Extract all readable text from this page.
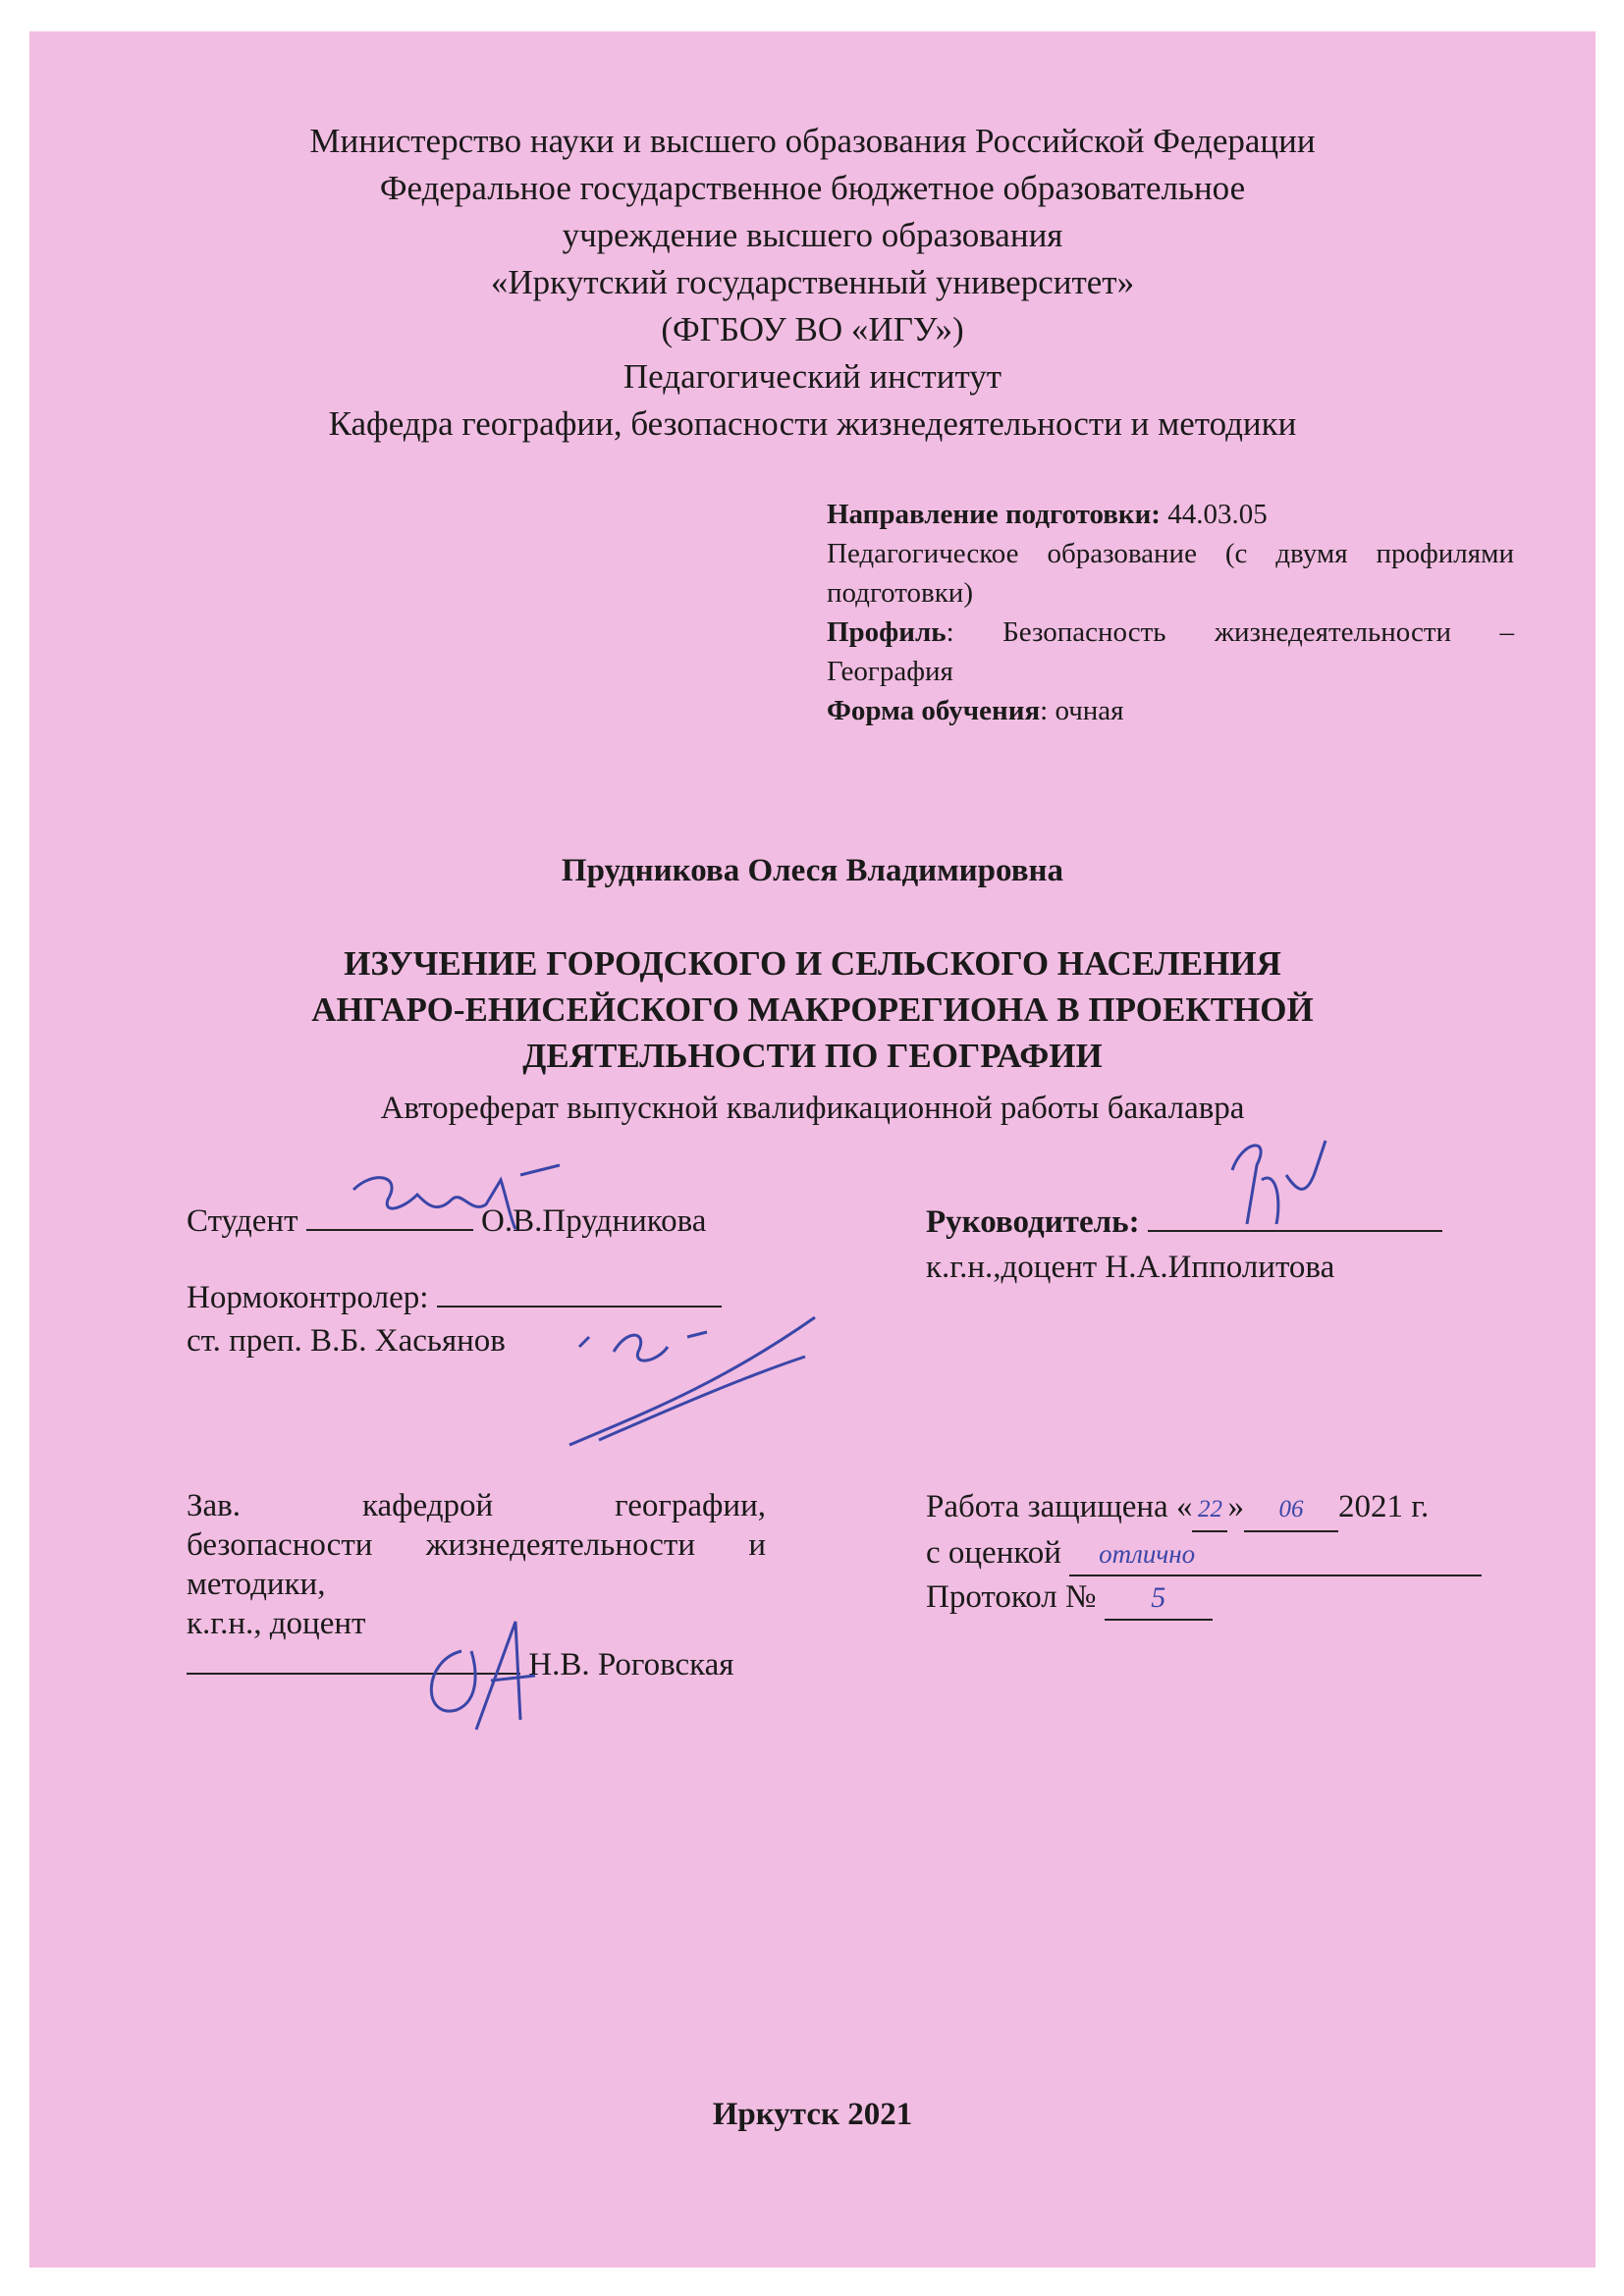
Министерство науки и высшего образования Российской Федерации
Федеральное государственное бюджетное образовательное
учреждение высшего образования
«Иркутский государственный университет»
(ФГБОУ ВО «ИГУ»)
Педагогический институт
Кафедра географии, безопасности жизнедеятельности и методики
Направление подготовки: 44.03.05
Педагогическое образование (с двумя профилями
подготовки)
Профиль: Безопасность жизнедеятельности –
География
Форма обучения: очная
Прудникова Олеся Владимировна
ИЗУЧЕНИЕ ГОРОДСКОГО И СЕЛЬСКОГО НАСЕЛЕНИЯ
АНГАРО-ЕНИСЕЙСКОГО МАКРОРЕГИОНА В ПРОЕКТНОЙ
ДЕЯТЕЛЬНОСТИ ПО ГЕОГРАФИИ
Автореферат выпускной квалификационной работы бакалавра
Студент	О.В.Прудникова
Нормоконтролер:
ст. преп. В.Б. Хасьянов
Руководитель:
к.г.н.,доцент Н.А.Ипполитова
Зав. кафедрой географии,
безопасности жизнедеятельности и
методики,
к.г.н., доцент
Н.В. Роговская
Работа защищена « 22 » 06 2021 г.
с оценкой отлично
Протокол № 5
Иркутск 2021
